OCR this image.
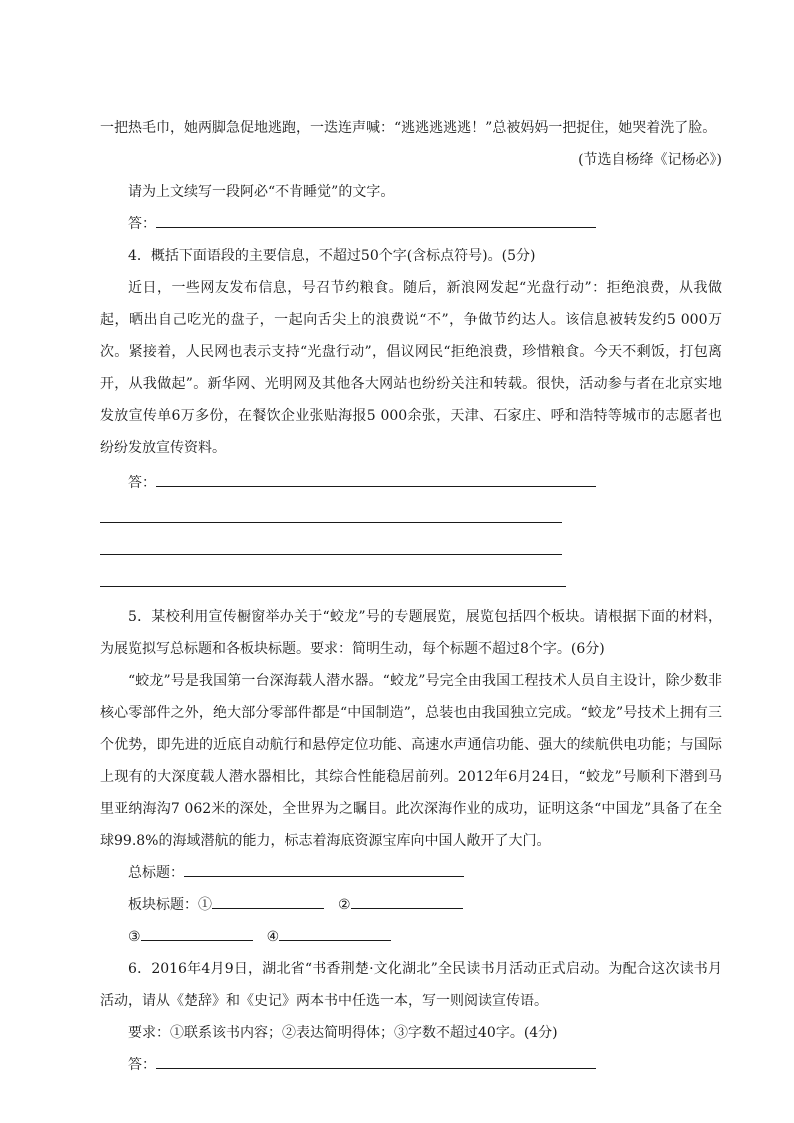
一把热毛巾，她两脚急促地逃跑，一迭连声喊：“逃逃逃逃逃！”总被妈妈一把捉住，她哭着洗了脸。
(节选自杨绛《记杨必》)
请为上文续写一段阿必“不肯睡觉”的文字。
答：
4．概括下面语段的主要信息，不超过50个字(含标点符号)。(5分)
近日，一些网友发布信息，号召节约粮食。随后，新浪网发起“光盘行动”：拒绝浪费，从我做起，晒出自己吃光的盘子，一起向舌尖上的浪费说“不”，争做节约达人。该信息被转发约5 000万次。紧接着，人民网也表示支持“光盘行动”，倡议网民“拒绝浪费，珍惜粮食。今天不剩饭，打包离开，从我做起”。新华网、光明网及其他各大网站也纷纷关注和转载。很快，活动参与者在北京实地发放宣传单6万多份，在餐饮企业张贴海报5 000余张，天津、石家庄、呼和浩特等城市的志愿者也纷纷发放宣传资料。
答：
5．某校利用宣传橱窗举办关于“蛟龙”号的专题展览，展览包括四个板块。请根据下面的材料，为展览拟写总标题和各板块标题。要求：简明生动，每个标题不超过8个字。(6分)
“蛟龙”号是我国第一台深海载人潜水器。“蛟龙”号完全由我国工程技术人员自主设计，除少数非核心零部件之外，绝大部分零部件都是“中国制造”，总装也由我国独立完成。“蛟龙”号技术上拥有三个优势，即先进的近底自动航行和悬停定位功能、高速水声通信功能、强大的续航供电功能；与国际上现有的大深度载人潜水器相比，其综合性能稳居前列。2012年6月24日，“蛟龙”号顺利下潜到马里亚纳海沟7 062米的深处，全世界为之瞩目。此次深海作业的成功，证明这条“中国龙”具备了在全球99.8%的海域潜航的能力，标志着海底资源宝库向中国人敞开了大门。
总标题：
板块标题：①	②
③	④
6．2016年4月9日，湖北省“书香荆楚·文化湖北”全民读书月活动正式启动。为配合这次读书月活动，请从《楚辞》和《史记》两本书中任选一本，写一则阅读宣传语。
要求：①联系该书内容；②表达简明得体；③字数不超过40字。(4分)
答：
